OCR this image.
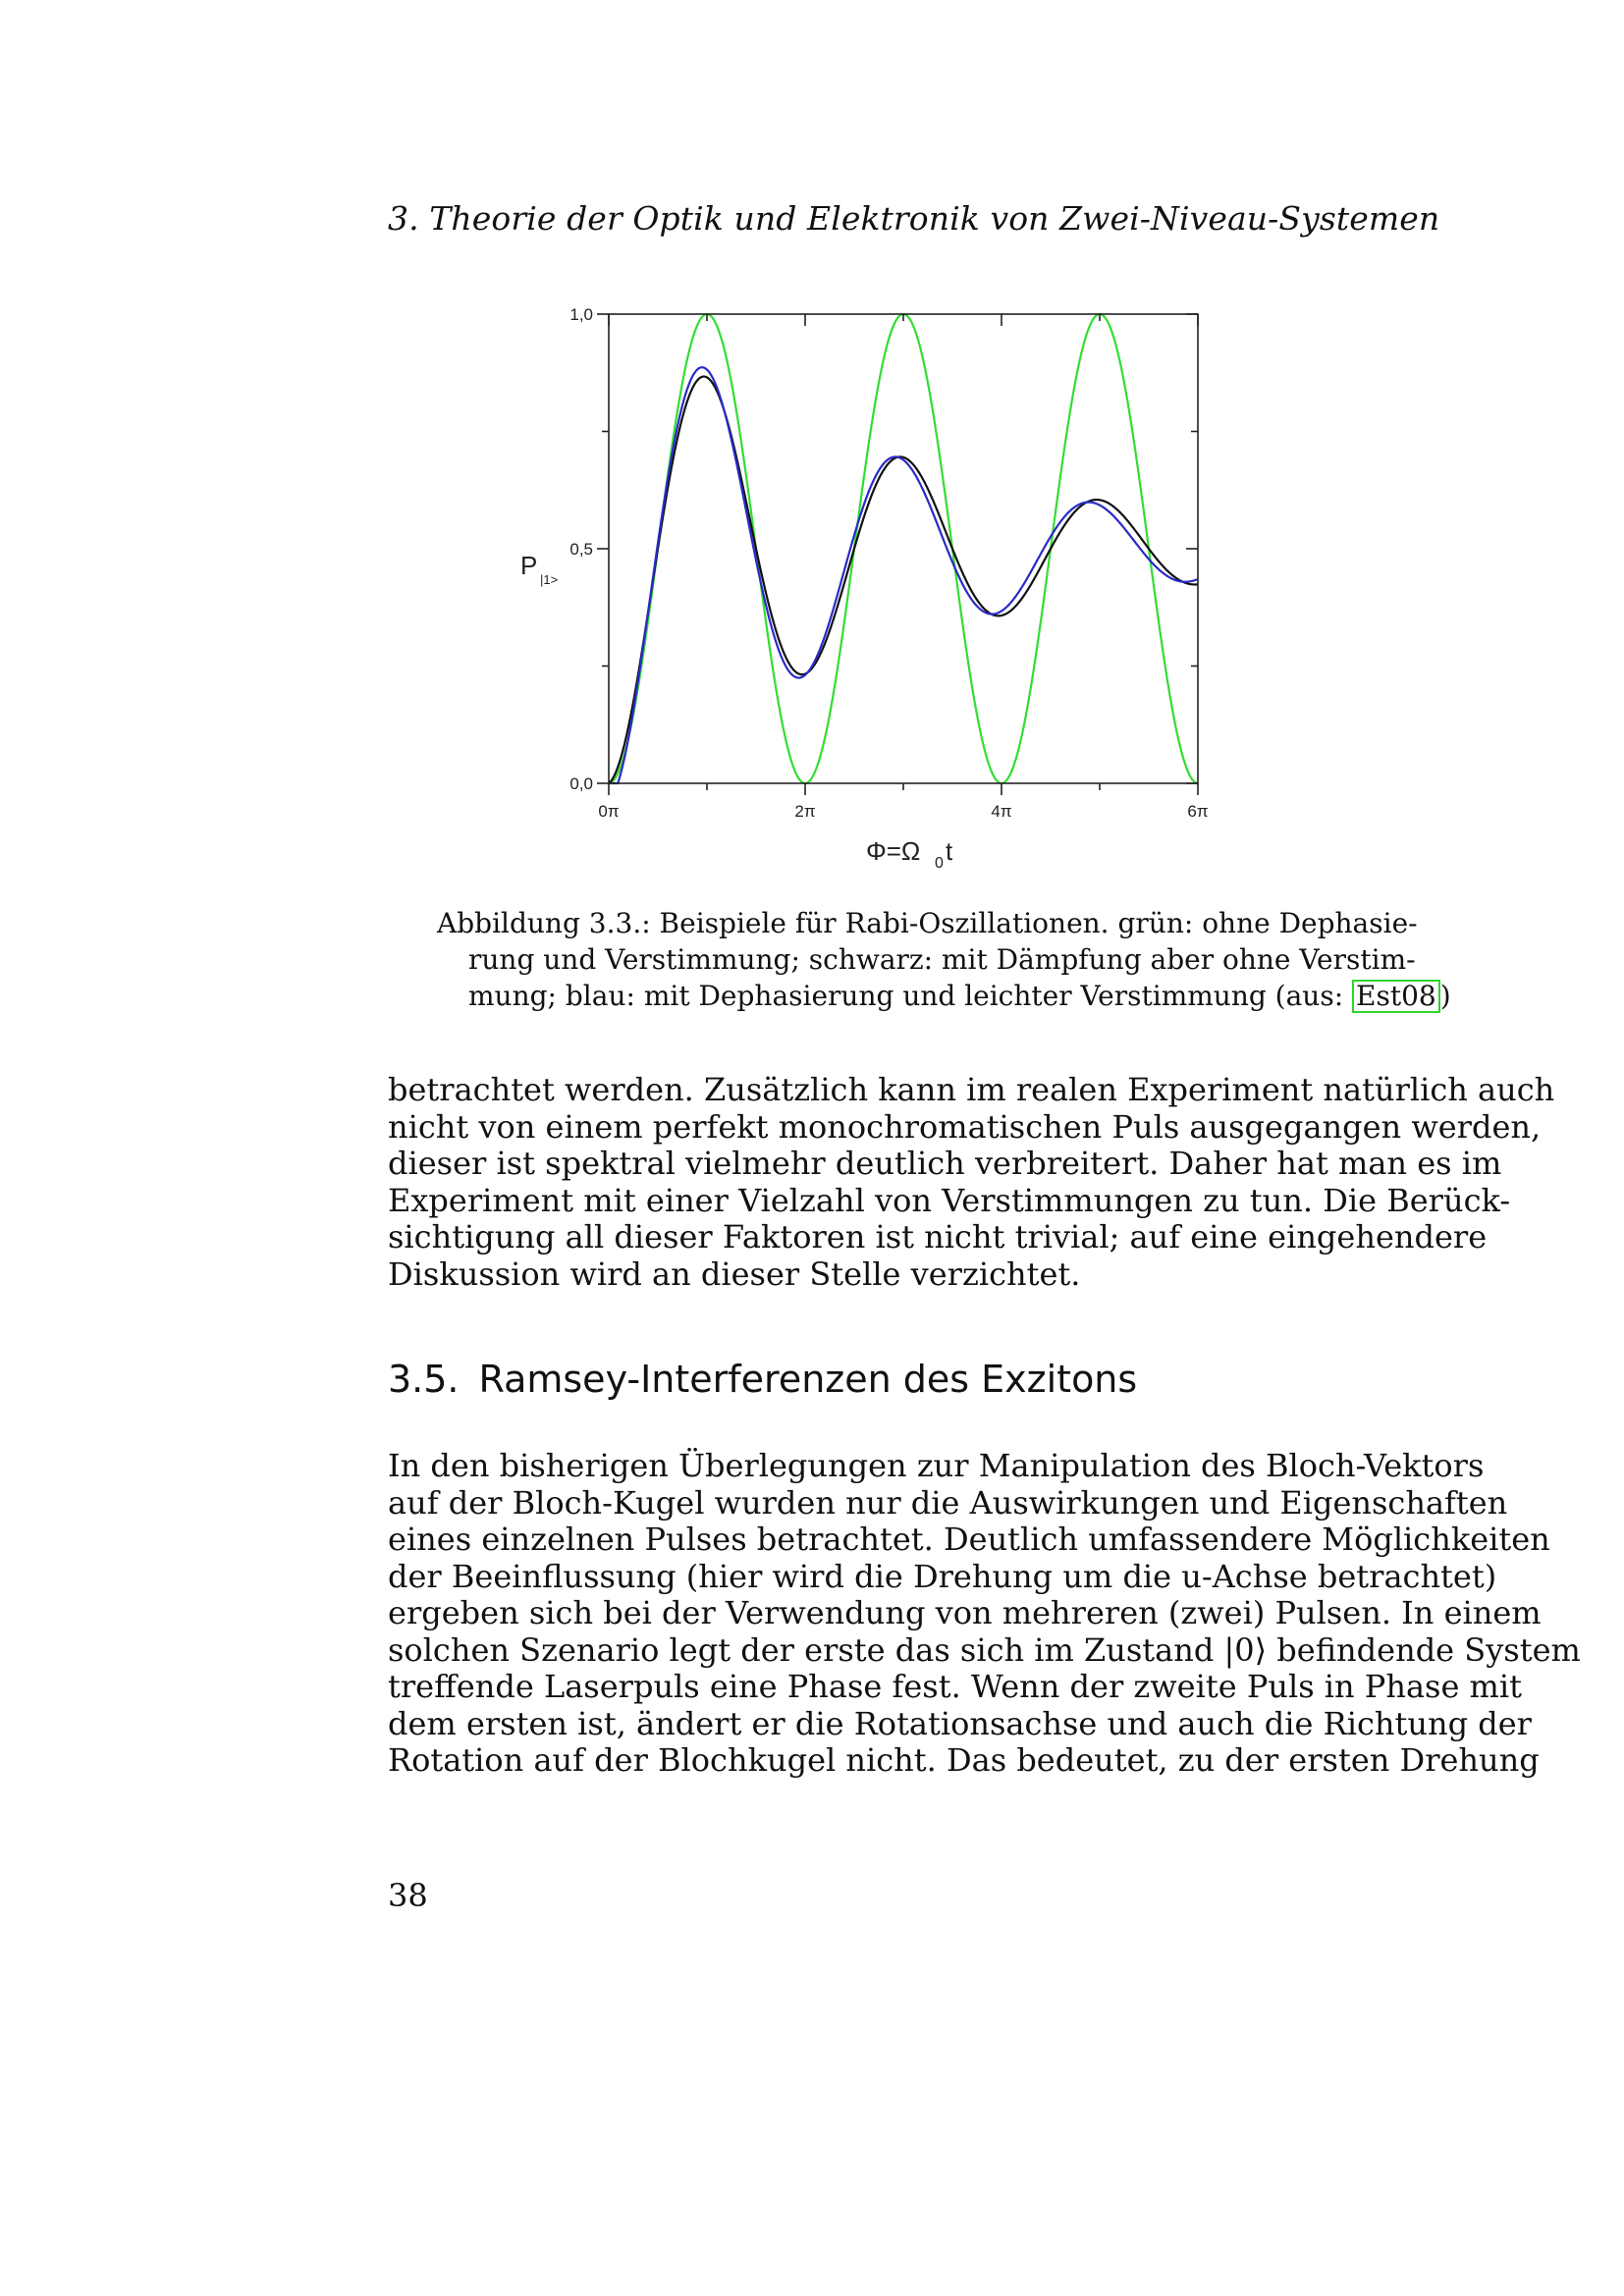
3. Theorie der Optik und Elektronik von Zwei-Niveau-Systemen
0π	2π	4π	6π
0,0
0,5
1,0
P |1>
Φ=Ω 0 t
Abbildung 3.3.: Beispiele für Rabi-Oszillationen. grün: ohne Dephasie-
rung und Verstimmung; schwarz: mit Dämpfung aber ohne Verstim-
mung; blau: mit Dephasierung und leichter Verstimmung (aus: Est08 )
betrachtet werden. Zusätzlich kann im realen Experiment natürlich auch
nicht von einem perfekt monochromatischen Puls ausgegangen werden,
dieser ist spektral vielmehr deutlich verbreitert. Daher hat man es im
Experiment mit einer Vielzahl von Verstimmungen zu tun. Die Berück-
sichtigung all dieser Faktoren ist nicht trivial; auf eine eingehendere
Diskussion wird an dieser Stelle verzichtet.
3.5. Ramsey-Interferenzen des Exzitons
In den bisherigen Überlegungen zur Manipulation des Bloch-Vektors
auf der Bloch-Kugel wurden nur die Auswirkungen und Eigenschaften
eines einzelnen Pulses betrachtet. Deutlich umfassendere Möglichkeiten
der Beeinflussung (hier wird die Drehung um die u-Achse betrachtet)
ergeben sich bei der Verwendung von mehreren (zwei) Pulsen. In einem
solchen Szenario legt der erste das sich im Zustand |0⟩ befindende System
treffende Laserpuls eine Phase fest. Wenn der zweite Puls in Phase mit
dem ersten ist, ändert er die Rotationsachse und auch die Richtung der
Rotation auf der Blochkugel nicht. Das bedeutet, zu der ersten Drehung
38
